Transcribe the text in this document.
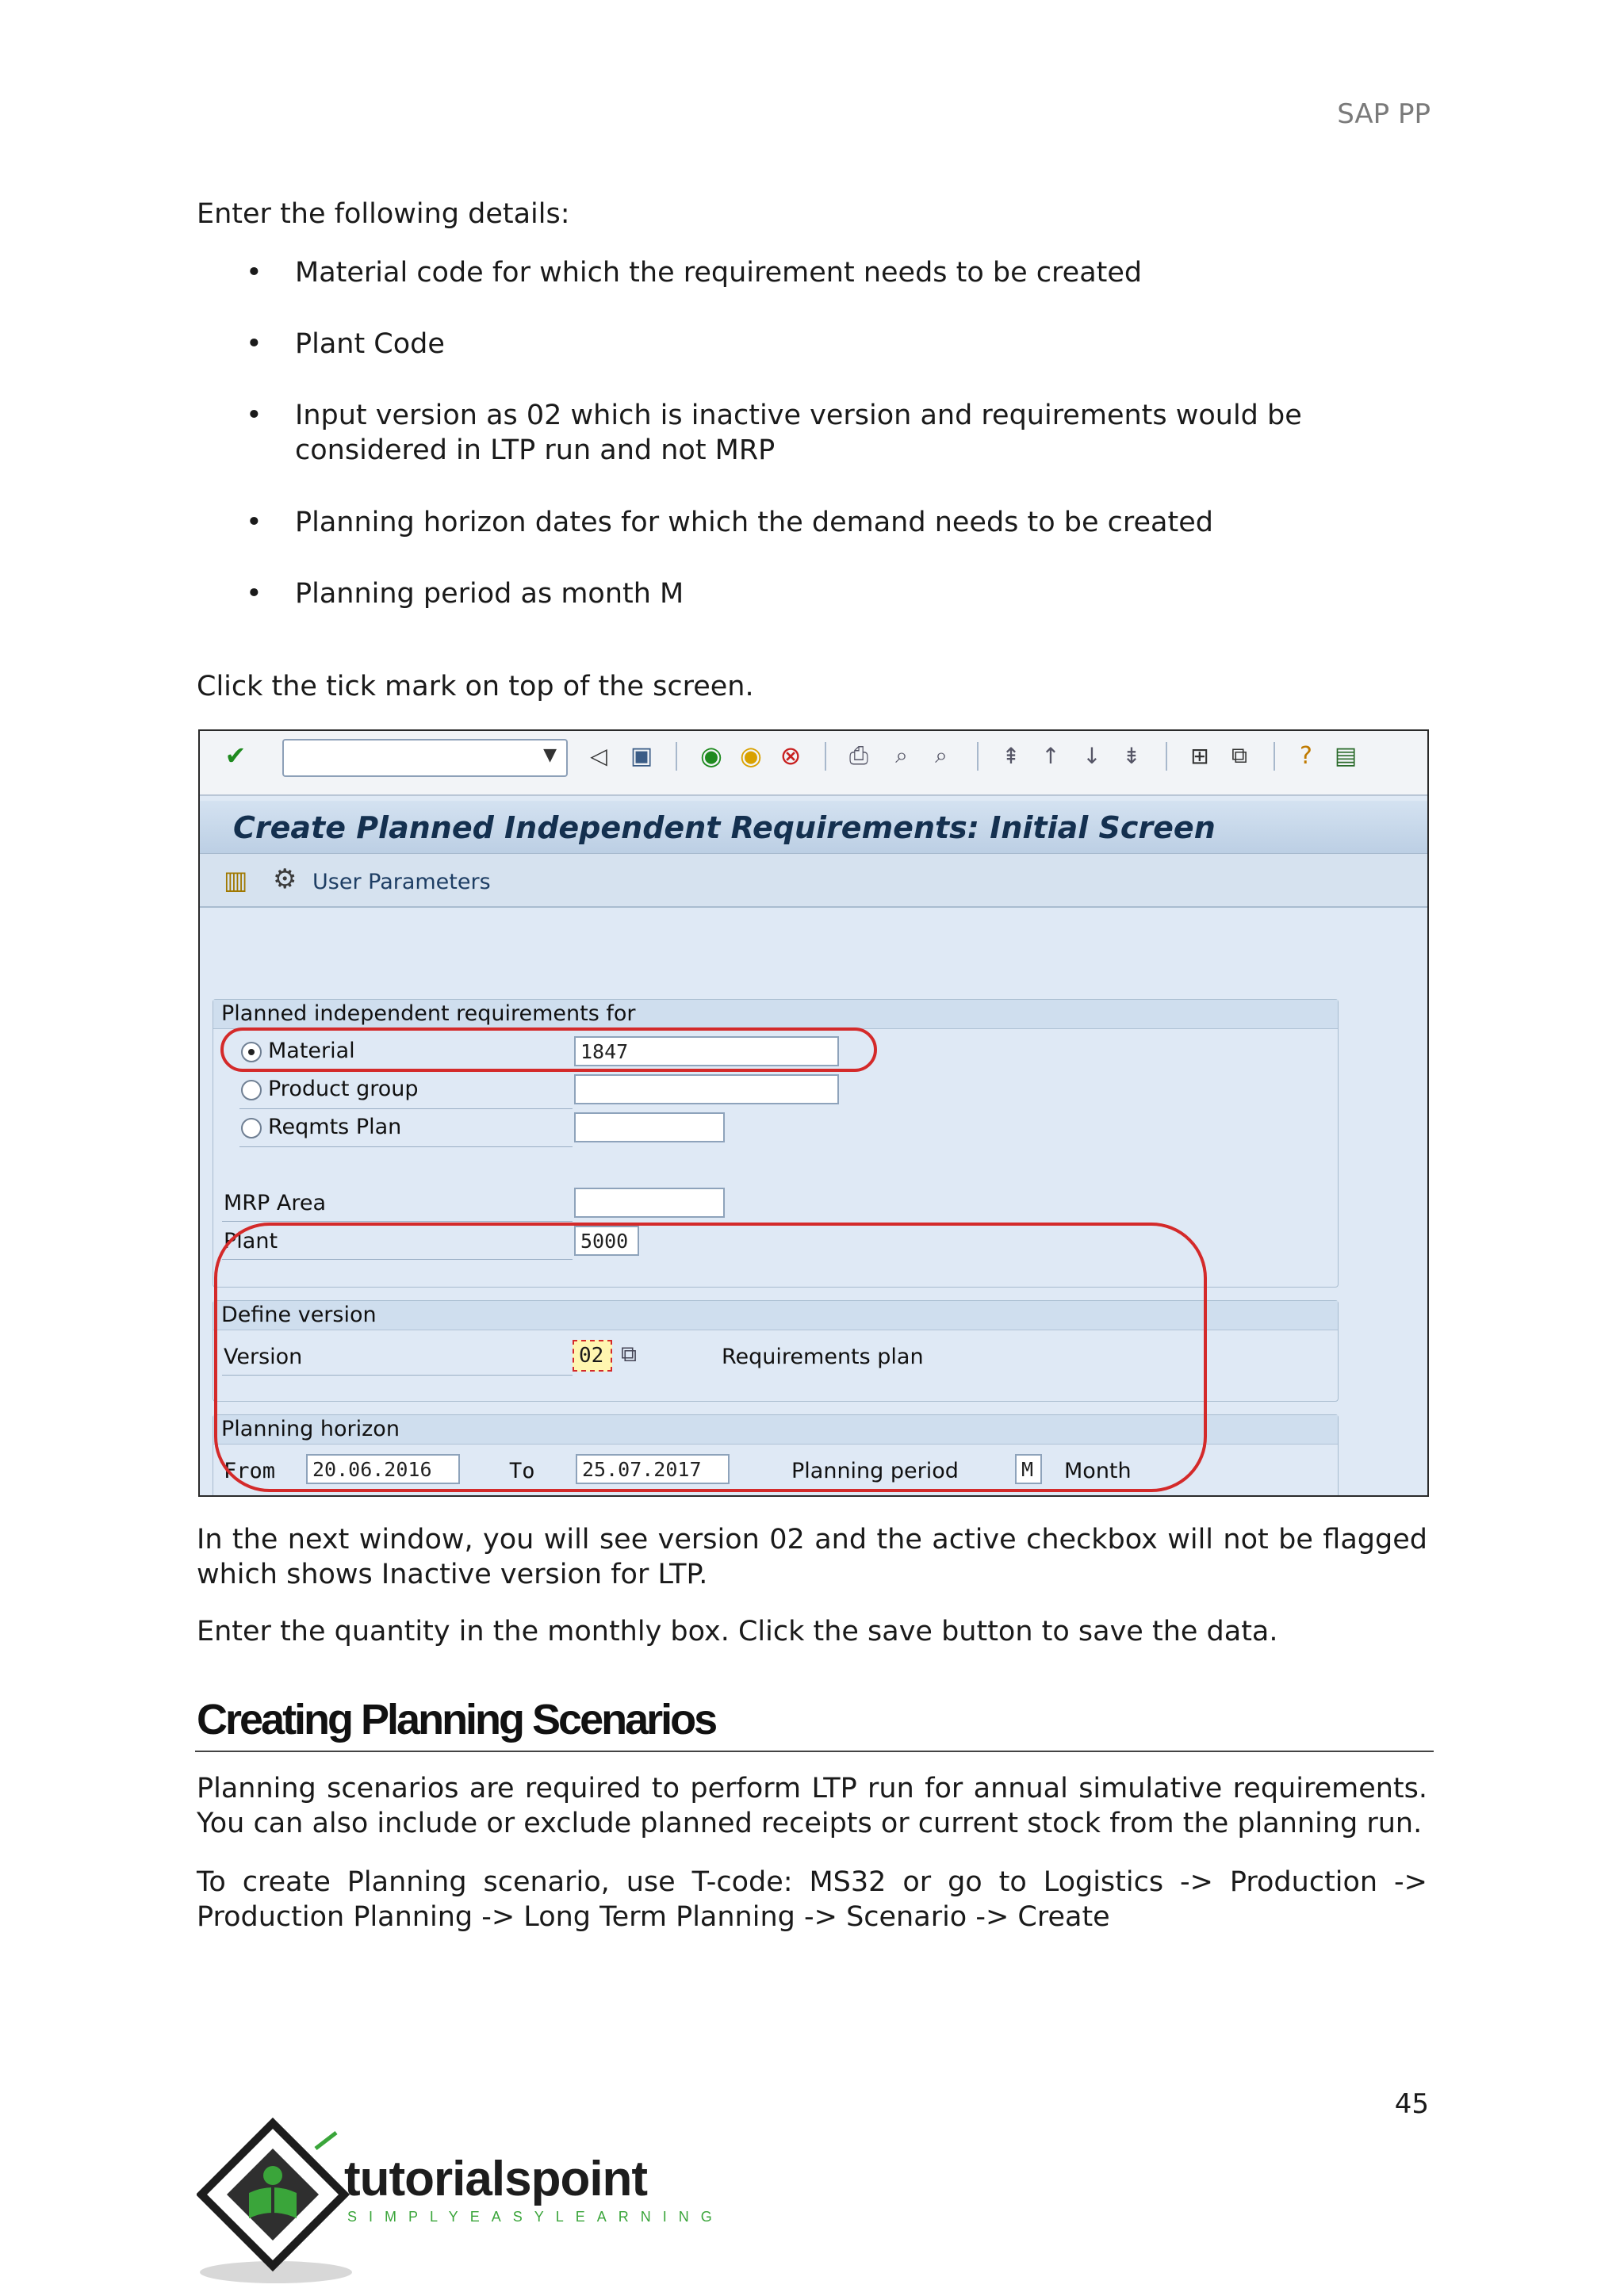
SAP PP
Enter the following details:
• Material code for which the requirement needs to be created
• Plant Code
• Input version as 02 which is inactive version and requirements would be considered in LTP run and not MRP
• Planning horizon dates for which the demand needs to be created
• Planning period as month M
Click the tick mark on top of the screen.
✔	▼	◁ ▣ ◉ ◉ ⊗	⎙	⌕	⌕	⇞ ↑	↓ ⇟	⊞	⧉	? ▤
Create Planned Independent Requirements: Initial Screen
▥ ⚙ User Parameters
Planned independent requirements for
Material	1847
Product group
Reqmts Plan
MRP Area
Plant	5000
Define version
Version	02 ⧉	Requirements plan
Planning horizon
From	20.06.2016	To	25.07.2017	Planning period	M	Month
In the next window, you will see version 02 and the active checkbox will not be flagged which shows Inactive version for LTP.
Enter the quantity in the monthly box. Click the save button to save the data.
Creating Planning Scenarios
Planning scenarios are required to perform LTP run for annual simulative requirements. You can also include or exclude planned receipts or current stock from the planning run.
To create Planning scenario, use T-code: MS32 or go to Logistics -> Production -> Production Planning -> Long Term Planning -> Scenario -> Create
45
tutorialspoint
SIMPLYEASYLEARNING
